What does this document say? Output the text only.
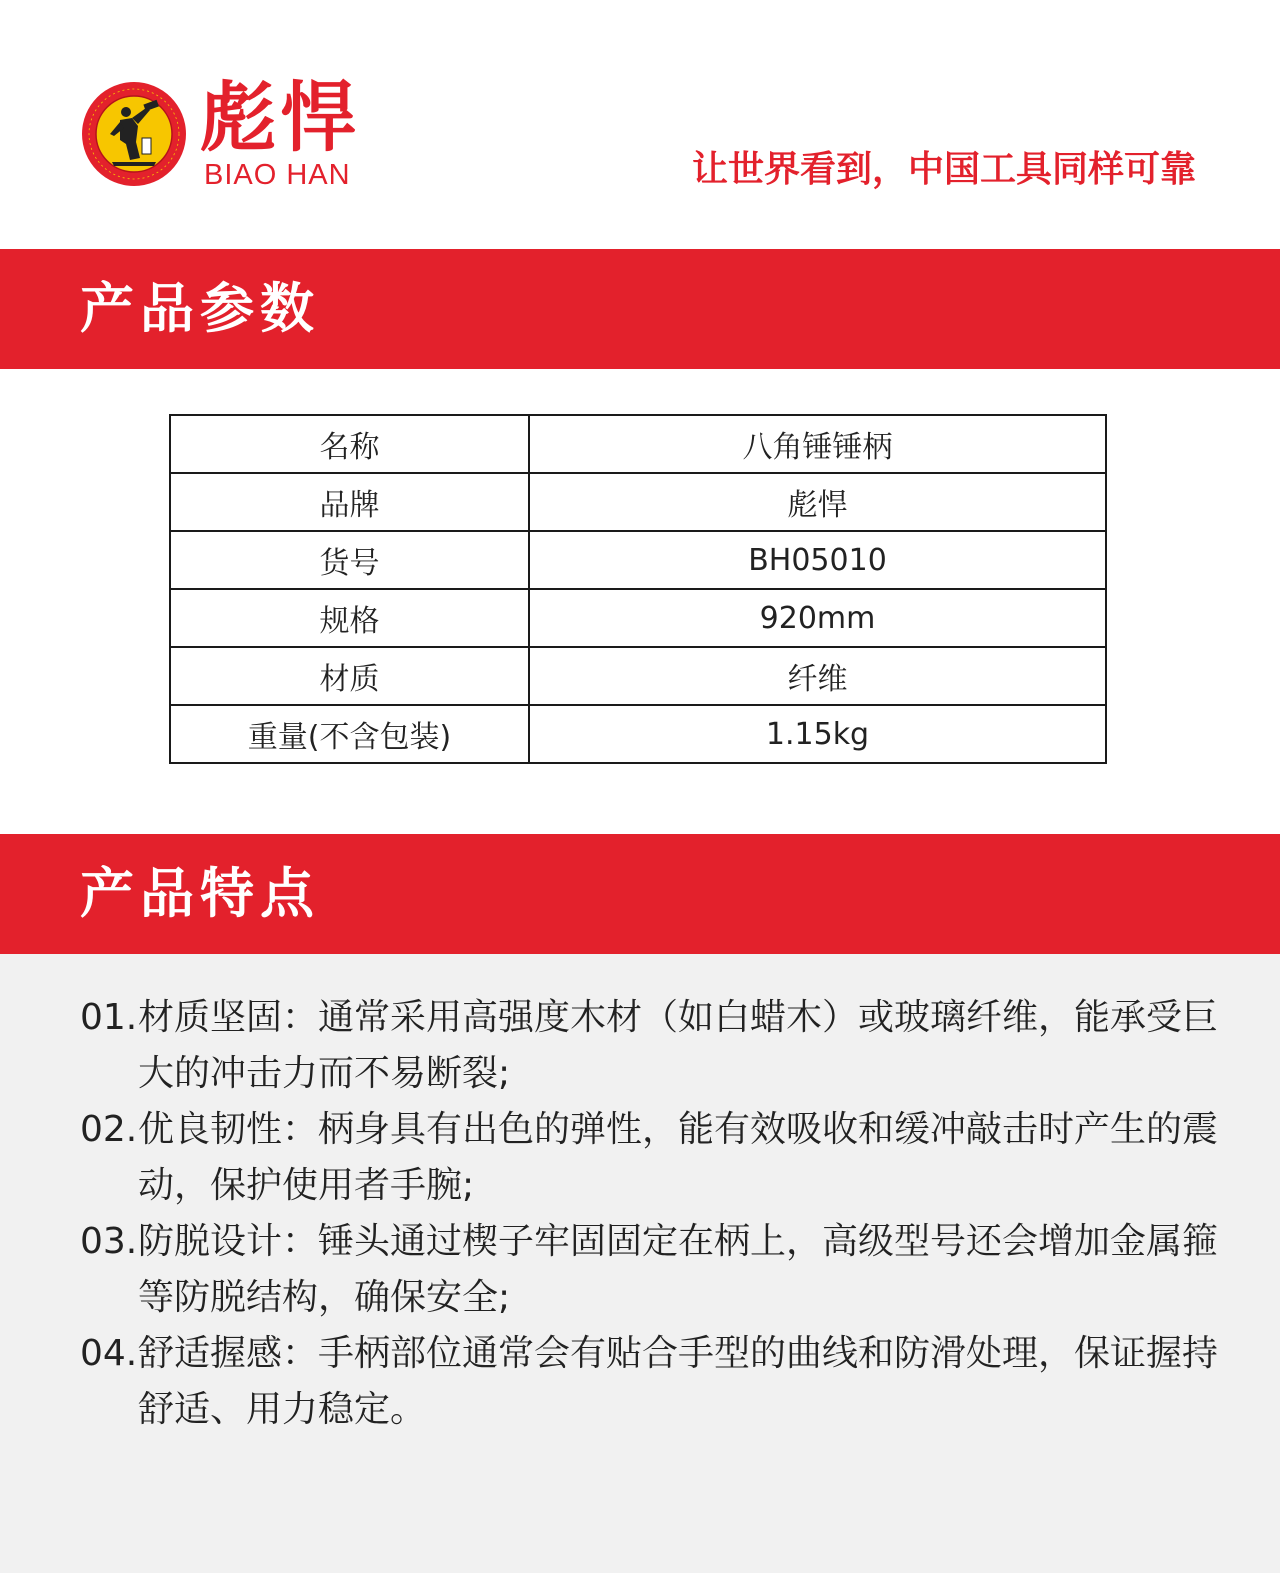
彪悍
BIAO HAN	让世界看到，中国工具同样可靠
产品参数
名称	八角锤锤柄
品牌	彪悍
货号	BH05010
规格	920mm
材质	纤维
重量(不含包装)	1.15kg
产品特点
01. 材质坚固：通常采用高强度木材（如白蜡木）或玻璃纤维，能承受巨大的冲击力而不易断裂;
02. 优良韧性：柄身具有出色的弹性，能有效吸收和缓冲敲击时产生的震动，保护使用者手腕;
03. 防脱设计：锤头通过楔子牢固固定在柄上，高级型号还会增加金属箍等防脱结构，确保安全;
04. 舒适握感：手柄部位通常会有贴合手型的曲线和防滑处理，保证握持舒适、用力稳定。
